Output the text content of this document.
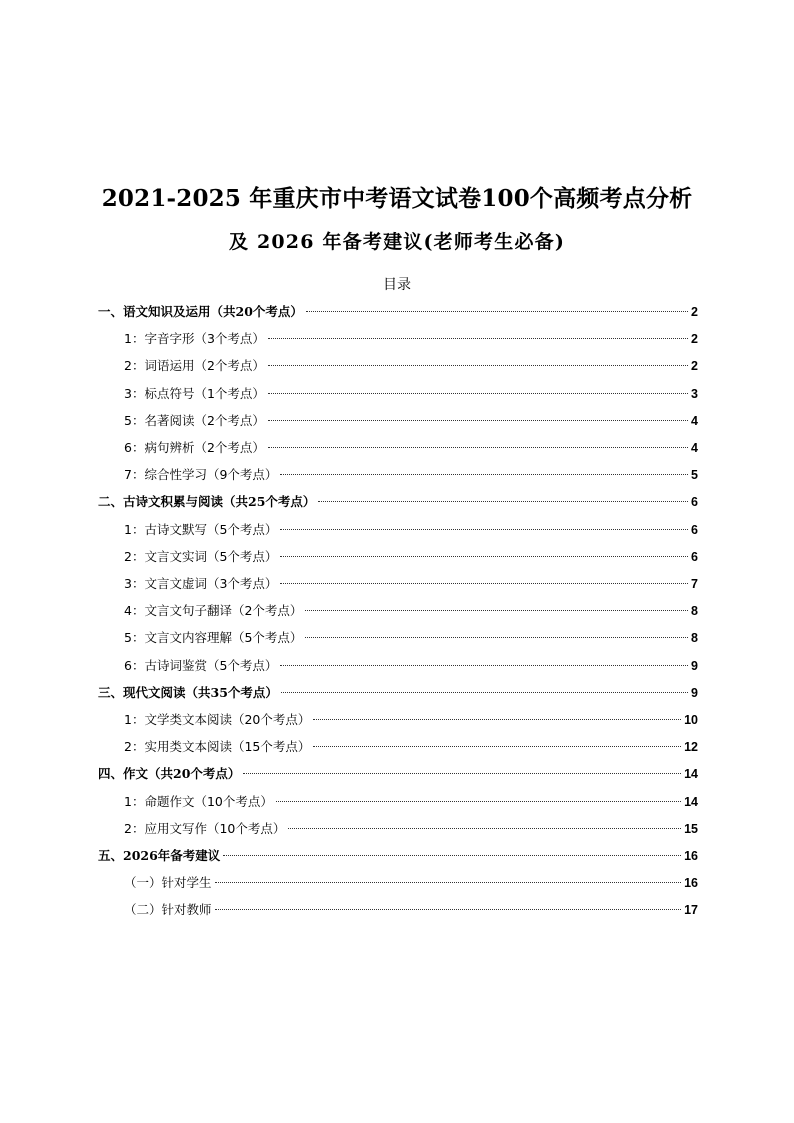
2021-2025 年重庆市中考语文试卷100个高频考点分析
及 2026 年备考建议(老师考生必备)
目录
一、语文知识及运用（共20个考点）	2
1：字音字形（3个考点）	2
2：词语运用（2个考点）	2
3：标点符号（1个考点）	3
5：名著阅读（2个考点）	4
6：病句辨析（2个考点）	4
7：综合性学习（9个考点）	5
二、古诗文积累与阅读（共25个考点）	6
1：古诗文默写（5个考点）	6
2：文言文实词（5个考点）	6
3：文言文虚词（3个考点）	7
4：文言文句子翻译（2个考点）	8
5：文言文内容理解（5个考点）	8
6：古诗词鉴赏（5个考点）	9
三、现代文阅读（共35个考点）	9
1：文学类文本阅读（20个考点）	10
2：实用类文本阅读（15个考点）	12
四、作文（共20个考点）	14
1：命题作文（10个考点）	14
2：应用文写作（10个考点）	15
五、2026年备考建议	16
（一）针对学生	16
（二）针对教师	17
